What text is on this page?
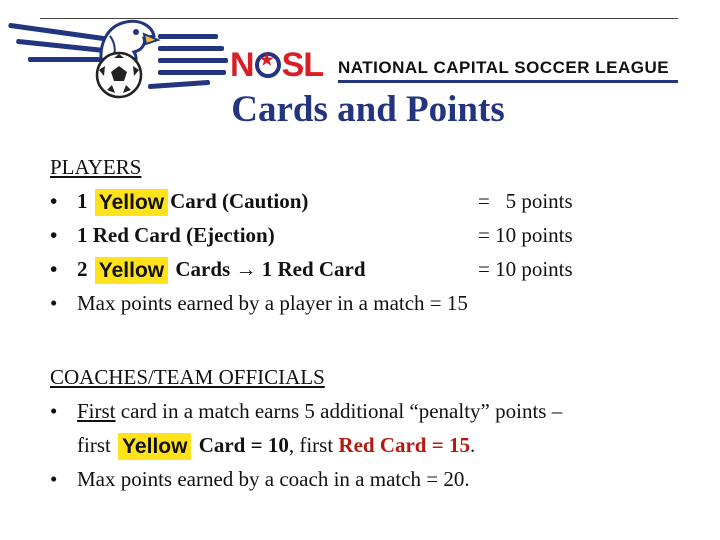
N★ SL NATIONAL CAPITAL SOCCER LEAGUE
Cards and Points
PLAYERS
• 1 Yellow Card (Caution)	=   5 points
• 1 Red Card (Ejection)	= 10 points
• 2 Yellow Cards → 1 Red Card	= 10 points
• Max points earned by a player in a match = 15
COACHES/TEAM OFFICIALS
• First card in a match earns 5 additional “penalty” points –
first Yellow Card = 10, first Red Card = 15.
• Max points earned by a coach in a match = 20.
